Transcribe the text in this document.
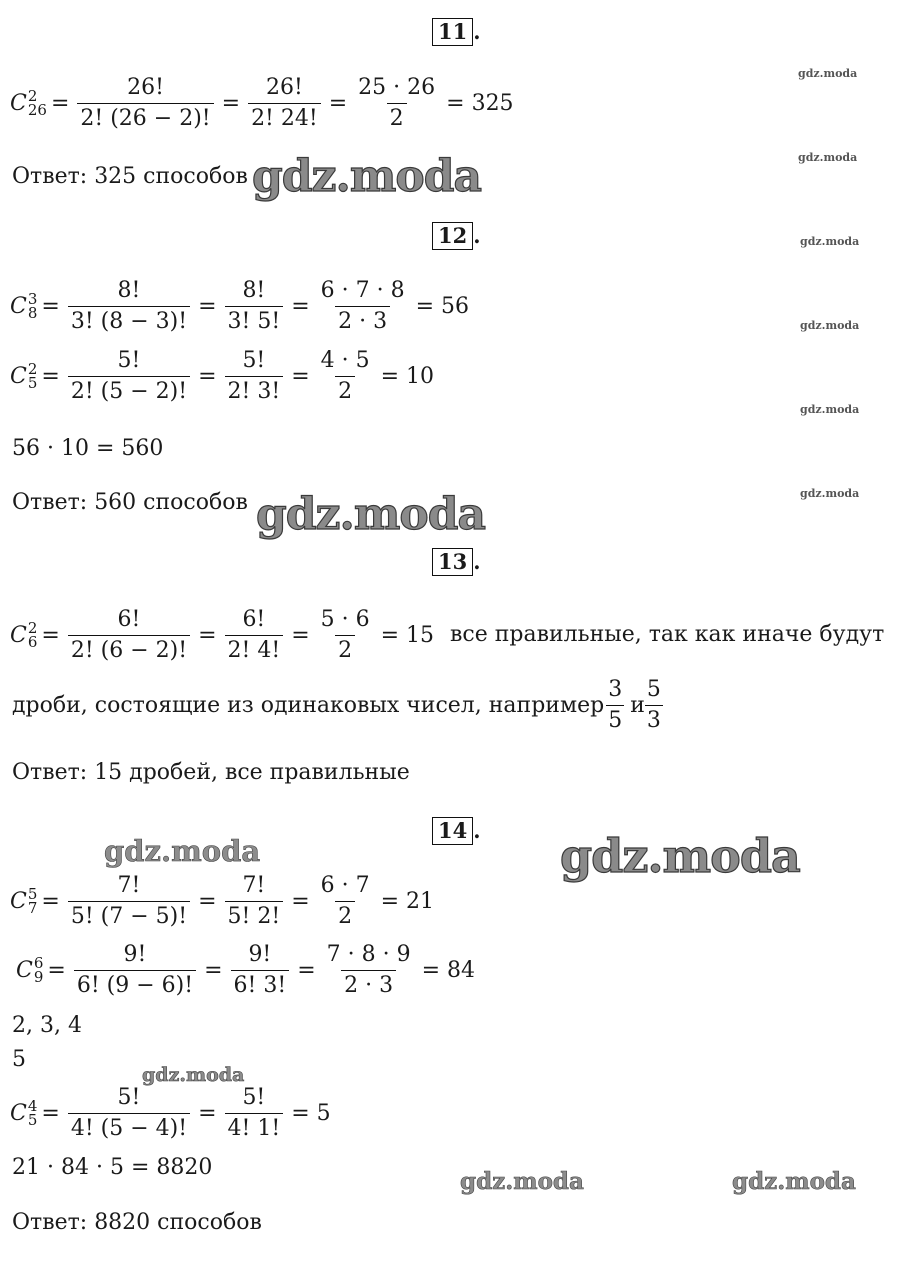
11 .
C 2
$26 = \frac{26!}{2! (26 - 2)!} = \frac{26!}{2! 24!} = \frac{25 \cdot 26}{2} = 325$
Ответ: 325 способов
12 .
C 3
$8 = \frac{8!}{3! (8 - 3)!} = \frac{8!}{3! 5!} = \frac{6 \cdot 7 \cdot 8}{2 \cdot 3} = 56$
C 2
$5 = \frac{5!}{2! (5 - 2)!} = \frac{5!}{2! 3!} = \frac{4 \cdot 5}{2} = 10$
56 · 10 = 560
Ответ: 560 способов
13 .
C 2
$6 = \frac{6!}{2! (6 - 2)!} = \frac{6!}{2! 4!} = \frac{5 \cdot 6}{2} = 15$ все правильные, так как иначе будут
дроби, состоящие из одинаковых чисел, например $\frac{3}{5}$ и $\frac{5}{3}$
Ответ: 15 дробей, все правильные
14 .
C 5
$7 = \frac{7!}{5! (7 - 5)!} = \frac{7!}{5! 2!} = \frac{6 \cdot 7}{2} = 21$
C 6
$9 = \frac{9!}{6! (9 - 6)!} = \frac{9!}{6! 3!} = \frac{7 \cdot 8 \cdot 9}{2 \cdot 3} = 84$
2, 3, 4
5
C 4
$5 = \frac{5!}{4! (5 - 4)!} = \frac{5!}{4! 1!} = 5$
21 · 84 · 5 = 8820
Ответ: 8820 способов
gdz.moda
gdz.moda
gdz.moda
gdz.moda
gdz.moda
gdz.moda
gdz.moda
gdz.moda
gdz.moda
gdz.moda
gdz.moda
gdz.moda	gdz.moda
